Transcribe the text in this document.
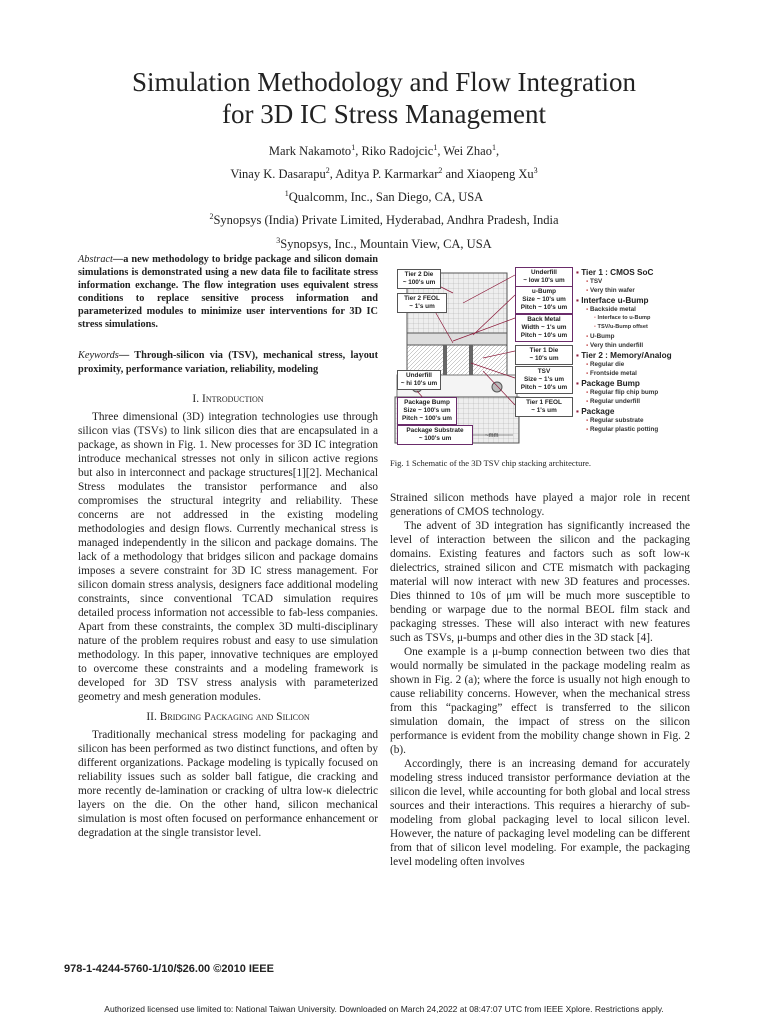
Simulation Methodology and Flow Integration
for 3D IC Stress Management
Mark Nakamoto$^1$, Riko Radojcic$^1$, Wei Zhao$^1$,
Vinay K. Dasarapu$^2$, Aditya P. Karmarkar$^2$ and Xiaopeng Xu$^3$
$^1$Qualcomm, Inc., San Diego, CA, USA
$^2$Synopsys (India) Private Limited, Hyderabad, Andhra Pradesh, India
$^3$Synopsys, Inc., Mountain View, CA, USA
Abstract—a new methodology to bridge package and silicon domain simulations is demonstrated using a new data file to facilitate stress information exchange. The flow integration uses equivalent stress conditions to replace sensitive process information and parameterized modules to minimize user interventions for 3D IC stress simulations.
Keywords— Through-silicon via (TSV), mechanical stress, layout proximity, performance variation, reliability, modeling
I. Introduction

Three dimensional (3D) integration technologies use through silicon vias (TSVs) to link silicon dies that are encapsulated in a package, as shown in Fig. 1. New processes for 3D IC integration introduce mechanical stresses not only in silicon active regions but also in interconnect and package structures[1][2]. Mechanical Stress modulates the transistor performance and also compromises the structural integrity and reliability. These concerns are not addressed in the existing modeling methodologies and design flows. Currently mechanical stress is managed independently in the silicon and package domains. The lack of a methodology that bridges silicon and package domains imposes a severe constraint for 3D IC stress management. For silicon domain stress analysis, designers face additional modeling constraints, since conventional TCAD simulation requires detailed process information not accessible to fab-less companies. Apart from these constraints, the complex 3D multi-disciplinary nature of the problem requires robust and easy to use simulation methodology. In this paper, innovative techniques are employed to overcome these constraints and a modeling framework is developed for 3D TSV stress analysis with parameterized geometry and mesh generation modules.

II. Bridging Packaging and Silicon

Traditionally mechanical stress modeling for packaging and silicon has been performed as two distinct functions, and often by different organizations. Package modeling is typically focused on reliability issues such as solder ball fatigue, die cracking and more recently de-lamination or cracking of ultra low-κ dielectric layers on the die. On the other hand, silicon mechanical simulation is most often focused on performance enhancement or degradation at the single transistor level.

Tier 2 Die
~ 100's um
Tier 2 FEOL
~ 1's um
Underfill
~ hi 10's um
Package Bump
Size ~ 100's um
Pitch ~ 100's um
Package Substrate
~ 100's um	~mm
Underfill
~ low 10's um
u-Bump
Size ~ 10's um
Pitch ~ 10's um
Back Metal
Width ~ 1's um
Pitch ~ 10's um
Tier 1 Die
~ 10's um
TSV
Size ~ 1's um
Pitch ~ 10's um
Tier 1 FEOL
~ 1's um
▪ Tier 1 : CMOS SoC
▪ TSV
▪ Very thin wafer
▪ Interface u-Bump
▪ Backside metal
▪ Interface to u-Bump
▪ TSV/u-Bump offset
▪ U-Bump
▪ Very thin underfill
▪ Tier 2 : Memory/Analog
▪ Regular die
▪ Frontside metal
▪ Package Bump
▪ Regular flip chip bump
▪ Regular underfill
▪ Package
▪ Regular substrate
▪ Regular plastic potting
Fig. 1 Schematic of the 3D TSV chip stacking architecture.

Strained silicon methods have played a major role in recent generations of CMOS technology.

The advent of 3D integration has significantly increased the level of interaction between the silicon and the packaging domains. Existing features and factors such as soft low-κ dielectrics, strained silicon and CTE mismatch with packaging material will now interact with new 3D features and processes. Dies thinned to 10s of μm will be much more susceptible to bending or warpage due to the normal BEOL film stack and packaging stresses. These will also interact with new features such as TSVs, μ-bumps and other dies in the 3D stack [4].

One example is a μ-bump connection between two dies that would normally be simulated in the package modeling realm as shown in Fig. 2 (a); where the force is usually not high enough to cause reliability concerns. However, when the mechanical stress from this “packaging” effect is transferred to the silicon simulation domain, the impact of stress on the silicon performance is evident from the mobility change shown in Fig. 2 (b).

Accordingly, there is an increasing demand for accurately modeling stress induced transistor performance deviation at the silicon die level, while accounting for both global and local stress sources and their interactions. This requires a hierarchy of sub-modeling from global packaging level to local silicon level. However, the nature of packaging level modeling can be different from that of silicon level modeling. For example, the packaging level modeling often involves

978-1-4244-5760-1/10/$26.00 ©2010 IEEE
Authorized licensed use limited to: National Taiwan University. Downloaded on March 24,2022 at 08:47:07 UTC from IEEE Xplore. Restrictions apply.
